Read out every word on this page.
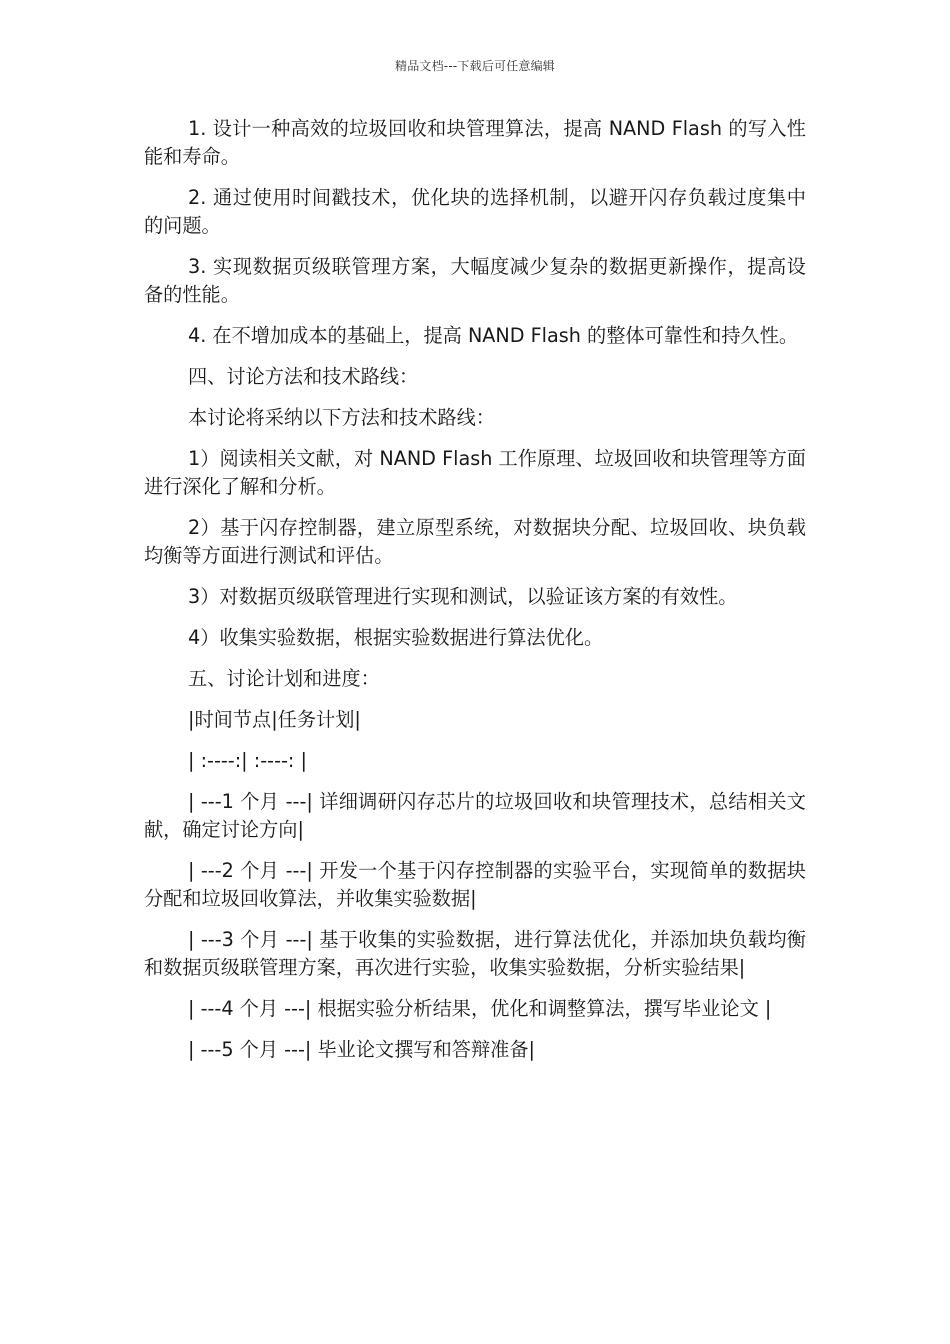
精品文档---下载后可任意编辑

1. 设计一种高效的垃圾回收和块管理算法，提高 NAND Flash 的写入性能和寿命。

2. 通过使用时间戳技术，优化块的选择机制，以避开闪存负载过度集中的问题。

3. 实现数据页级联管理方案，大幅度减少复杂的数据更新操作，提高设备的性能。

4. 在不增加成本的基础上，提高 NAND Flash 的整体可靠性和持久性。

四、讨论方法和技术路线：

本讨论将采纳以下方法和技术路线：

1）阅读相关文献，对 NAND Flash 工作原理、垃圾回收和块管理等方面进行深化了解和分析。

2）基于闪存控制器，建立原型系统，对数据块分配、垃圾回收、块负载均衡等方面进行测试和评估。

3）对数据页级联管理进行实现和测试，以验证该方案的有效性。

4）收集实验数据，根据实验数据进行算法优化。

五、讨论计划和进度：

|时间节点|任务计划|

| :----:| :----: |

| ---1 个月 ---| 详细调研闪存芯片的垃圾回收和块管理技术，总结相关文献，确定讨论方向|

| ---2 个月 ---| 开发一个基于闪存控制器的实验平台，实现简单的数据块分配和垃圾回收算法，并收集实验数据|

| ---3 个月 ---| 基于收集的实验数据，进行算法优化，并添加块负载均衡和数据页级联管理方案，再次进行实验，收集实验数据，分析实验结果|

| ---4 个月 ---| 根据实验分析结果，优化和调整算法，撰写毕业论文 |

| ---5 个月 ---| 毕业论文撰写和答辩准备|
